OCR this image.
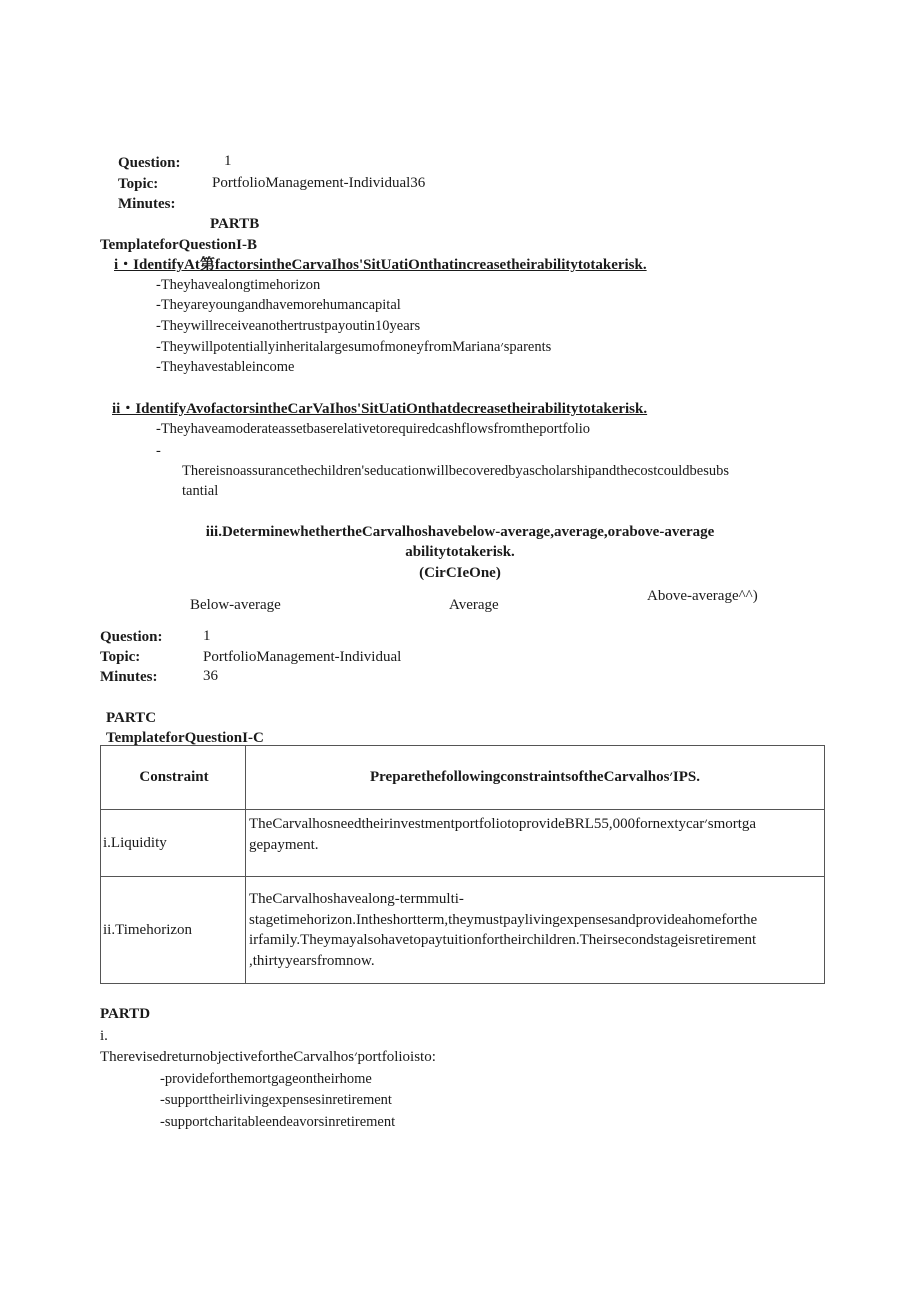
Question:	1
Topic:	PortfolioManagement-Individual36
Minutes:
PARTB
TemplateforQuestionI-B
i・IdentifyAt第factorsintheCarvaIhos'SitUatiOnthatincreasetheirabilitytotakerisk.
-Theyhavealongtimehorizon
-Theyareyoungandhavemorehumancapital
-Theywillreceiveanothertrustpayoutin10years
-TheywillpotentiallyinheritalargesumofmoneyfromMariana׳sparents
-Theyhavestableincome
ii・IdentifyAvofactorsintheCarVaIhos'SitUatiOnthatdecreasetheirabilitytotakerisk.
-Theyhaveamoderateassetbaserelativetorequiredcashflowsfromtheportfolio
-
Thereisnoassurancethechildren'seducationwillbecoveredbyascholarshipandthecostcouldbesubs
tantial
iii.DeterminewhethertheCarvalhoshavebelow-average,average,orabove-average
abilitytotakerisk.
(CirCIeOne)
Below-average	Average
Above-average^^)
Question:	1
Topic:	PortfolioManagement-Individual
Minutes:	36
PARTC
TemplateforQuestionI-C
Constraint	PreparethefollowingconstraintsoftheCarvalhos׳IPS.
i.Liquidity	TheCarvalhosneedtheirinvestmentportfoliotoprovideBRL55,000fornextycar׳smortga
gepayment.

ii.Timehorizon	TheCarvalhoshavealong-termmulti-
stagetimehorizon.Intheshortterm,theymustpaylivingexpensesandprovideahomeforthe
irfamily.Theymayalsohavetopaytuitionfortheirchildren.Theirsecondstageisretirement
,thirtyyearsfromnow.
PARTD
i.
TherevisedreturnobjectivefortheCarvalhos׳portfolioisto:
-provideforthemortgageontheirhome
-supporttheirlivingexpensesinretirement
-supportcharitableendeavorsinretirement
